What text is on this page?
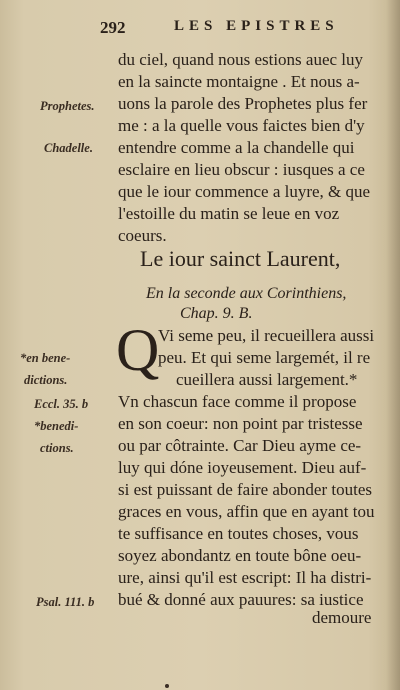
292	LES EPISTRES
du ciel, quand nous estions auec luy
en la saincte montaigne . Et nous a-
uons la parole des Prophetes plus fer
me : a la quelle vous faictes bien d'y
entendre comme a la chandelle qui
esclaire en lieu obscur : iusques a ce
que le iour commence a luyre, & que
l'estoille du matin se leue en voz
coeurs.
Prophetes.
Chadelle.
Le iour sainct Laurent,
En la seconde aux Corinthiens,
Chap. 9. B.
Q
Vi seme peu, il recueillera aussi
peu. Et qui seme largemét, il re
cueillera aussi largement.*
Vn chascun face comme il propose
en son coeur: non point par tristesse
ou par côtrainte. Car Dieu ayme ce-
luy qui dóne ioyeusement. Dieu auf-
si est puissant de faire abonder toutes
graces en vous, affin que en ayant tou
te suffisance en toutes choses, vous
soyez abondantz en toute bône oeu-
ure, ainsi qu'il est escript: Il ha distri-
bué & donné aux pauures: sa iustice
*en bene-
dictions.
Eccl. 35. b
*benedi-
ctions.
Psal. 111. b
demoure
